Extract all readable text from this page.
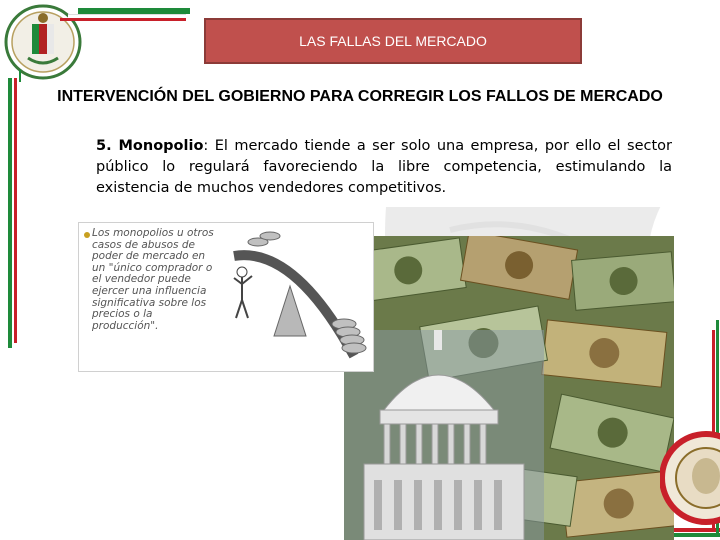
LAS FALLAS DEL MERCADO
INTERVENCIÓN DEL GOBIERNO PARA CORREGIR LOS FALLOS DE MERCADO
5. Monopolio: El mercado tiende a ser solo una empresa, por ello el sector público lo regulará favoreciendo la libre competencia, estimulando la existencia de muchos vendedores competitivos.
Los monopolios u otros casos de abusos de poder de mercado en un "único comprador o el vendedor puede ejercer una influencia significativa sobre los precios o la producción".
